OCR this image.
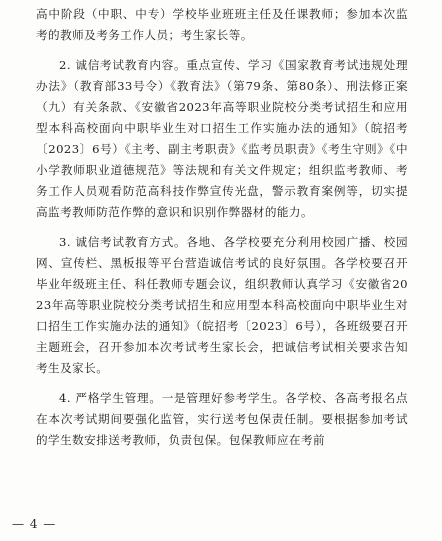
高中阶段（中职、中专）学校毕业班班主任及任课教师；参加本次监考的教师及考务工作人员；考生家长等。

2. 诚信考试教育内容。重点宣传、学习《国家教育考试违规处理办法》（教育部33号令）《教育法》（第79条、第80条）、刑法修正案（九）有关条款、《安徽省2023年高等职业院校分类考试招生和应用型本科高校面向中职毕业生对口招生工作实施办法的通知》（皖招考〔2023〕6号）《主考、副主考职责》《监考员职责》《考生守则》《中小学教师职业道德规范》等法规和有关文件规定；组织监考教师、考务工作人员观看防范高科技作弊宣传光盘，警示教育案例等，切实提高监考教师防范作弊的意识和识别作弊器材的能力。

3. 诚信考试教育方式。各地、各学校要充分利用校园广播、校园网、宣传栏、黑板报等平台营造诚信考试的良好氛围。各学校要召开毕业年级班主任、科任教师专题会议，组织教师认真学习《安徽省2023年高等职业院校分类考试招生和应用型本科高校面向中职毕业生对口招生工作实施办法的通知》（皖招考〔2023〕6号），各班级要召开主题班会，召开参加本次考试考生家长会，把诚信考试相关要求告知考生及家长。

4. 严格学生管理。一是管理好参考学生。各学校、各高考报名点在本次考试期间要强化监管，实行送考包保责任制。要根据参加考试的学生数安排送考教师，负责包保。包保教师应在考前

— 4 —
